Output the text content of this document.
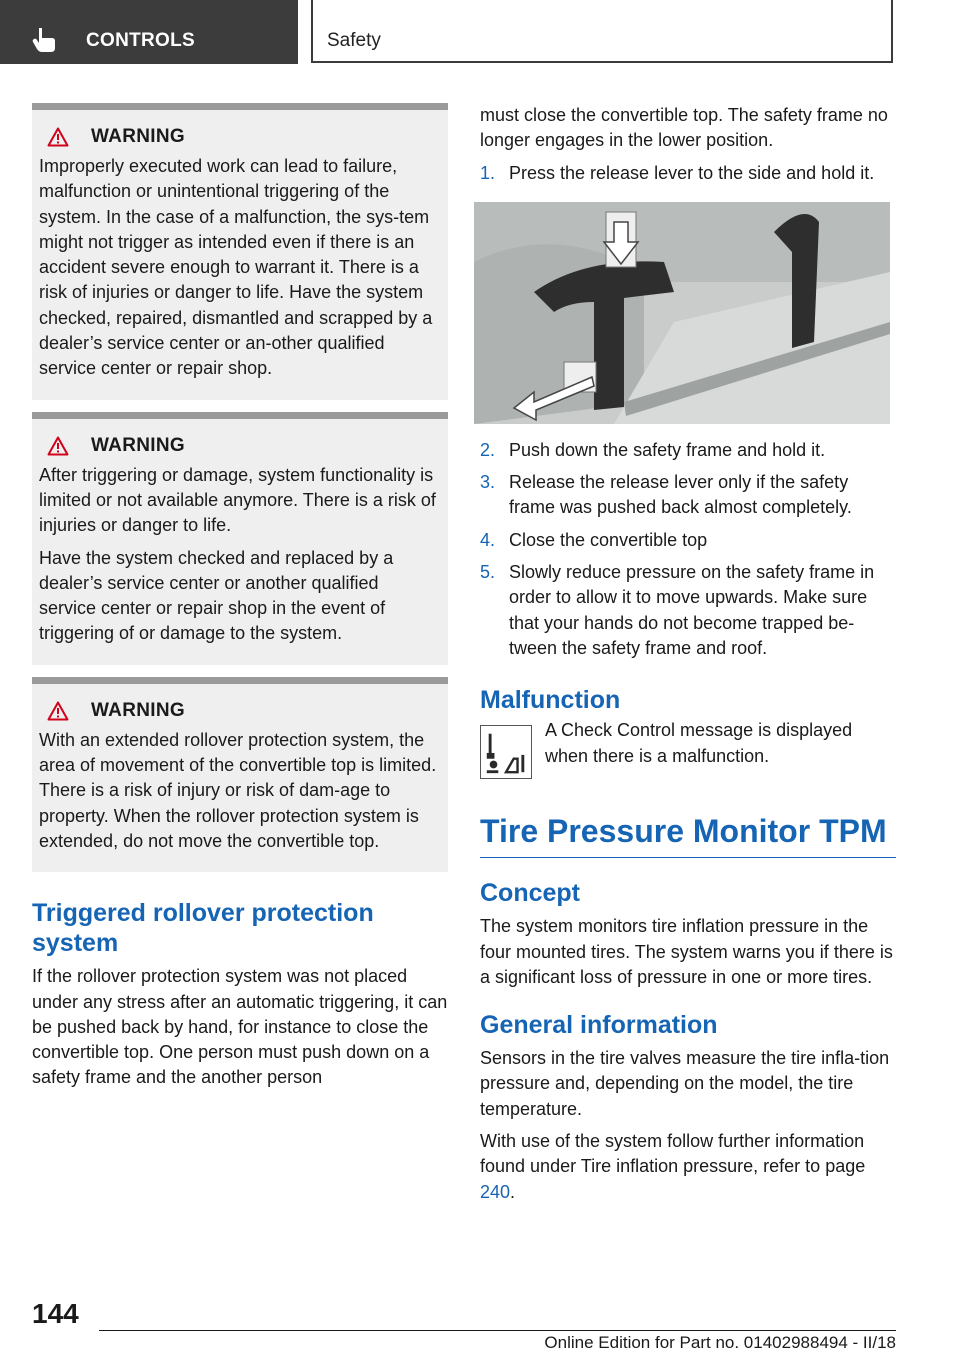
CONTROLS	Safety
WARNING

Improperly executed work can lead to failure, malfunction or unintentional triggering of the system. In the case of a malfunction, the sys‐tem might not trigger as intended even if there is an accident severe enough to warrant it. There is a risk of injuries or danger to life. Have the system checked, repaired, dismantled and scrapped by a dealer’s service center or an‐other qualified service center or repair shop.

WARNING

After triggering or damage, system functionality is limited or not available anymore. There is a risk of injuries or danger to life.

Have the system checked and replaced by a dealer’s service center or another qualified service center or repair shop in the event of triggering of or damage to the system.

WARNING

With an extended rollover protection system, the area of movement of the convertible top is limited. There is a risk of injury or risk of dam‐age to property. When the rollover protection system is extended, do not move the convertible top.

Triggered rollover protection system

If the rollover protection system was not placed under any stress after an automatic triggering, it can be pushed back by hand, for instance to close the convertible top. One person must push down on a safety frame and the another person

must close the convertible top. The safety frame no longer engages in the lower position.

1. Press the release lever to the side and hold it.
2. Push down the safety frame and hold it.
3. Release the release lever only if the safety frame was pushed back almost completely.
4. Close the convertible top
5. Slowly reduce pressure on the safety frame in order to allow it to move upwards. Make sure that your hands do not become trapped be‐tween the safety frame and roof.
Malfunction

A Check Control message is displayed when there is a malfunction.

Tire Pressure Monitor TPM
Concept

The system monitors tire inflation pressure in the four mounted tires. The system warns you if there is a significant loss of pressure in one or more tires.

General information

Sensors in the tire valves measure the tire infla‐tion pressure and, depending on the model, the tire temperature.

With use of the system follow further information found under Tire inflation pressure, refer to page 240.

144
Online Edition for Part no. 01402988494 - II/18
